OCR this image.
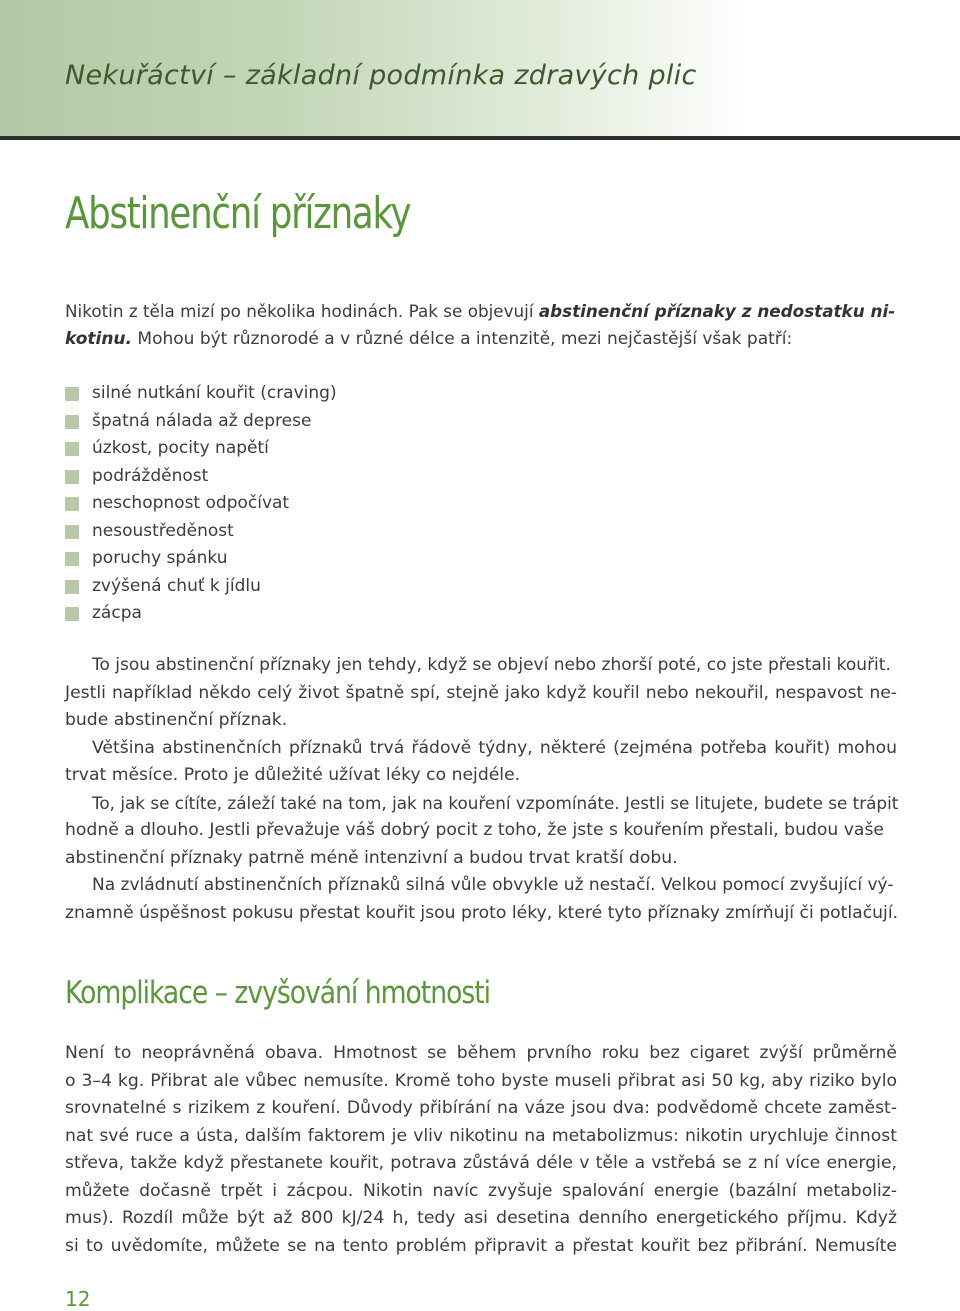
Nekuřáctví – základní podmínka zdravých plic
Abstinenční příznaky

Nikotin z těla mizí po několika hodinách. Pak se objevují abstinenční příznaky z nedostatku ni-
kotinu. Mohou být různorodé a v různé délce a intenzitě, mezi nejčastější však patří:

silné nutkání kouřit (craving)
špatná nálada až deprese
úzkost, pocity napětí
podrážděnost
neschopnost odpočívat
nesoustředěnost
poruchy spánku
zvýšená chuť k jídlu
zácpa
To jsou abstinenční příznaky jen tehdy, když se objeví nebo zhorší poté, co jste přestali kouřit.
Jestli například někdo celý život špatně spí, stejně jako když kouřil nebo nekouřil, nespavost ne-
bude abstinenční příznak.
Většina abstinenčních příznaků trvá řádově týdny, některé (zejména potřeba kouřit) mohou
trvat měsíce. Proto je důležité užívat léky co nejdéle.
To, jak se cítíte, záleží také na tom, jak na kouření vzpomínáte. Jestli se litujete, budete se trápit
hodně a dlouho. Jestli převažuje váš dobrý pocit z toho, že jste s kouřením přestali, budou vaše
abstinenční příznaky patrně méně intenzivní a budou trvat kratší dobu.
Na zvládnutí abstinenčních příznaků silná vůle obvykle už nestačí. Velkou pomocí zvyšující vý-
znamně úspěšnost pokusu přestat kouřit jsou proto léky, které tyto příznaky zmírňují či potlačují.
Komplikace – zvyšování hmotnosti
Není to neoprávněná obava. Hmotnost se během prvního roku bez cigaret zvýší průměrně
o 3–4 kg. Přibrat ale vůbec nemusíte. Kromě toho byste museli přibrat asi 50 kg, aby riziko bylo
srovnatelné s rizikem z kouření. Důvody přibírání na váze jsou dva: podvědomě chcete zaměst-
nat své ruce a ústa, dalším faktorem je vliv nikotinu na metabolizmus: nikotin urychluje činnost
střeva, takže když přestanete kouřit, potrava zůstává déle v těle a vstřebá se z ní více energie,
můžete dočasně trpět i zácpou. Nikotin navíc zvyšuje spalování energie (bazální metaboliz-
mus). Rozdíl může být až 800 kJ/24 h, tedy asi desetina denního energetického příjmu. Když
si to uvědomíte, můžete se na tento problém připravit a přestat kouřit bez přibrání. Nemusíte
12
